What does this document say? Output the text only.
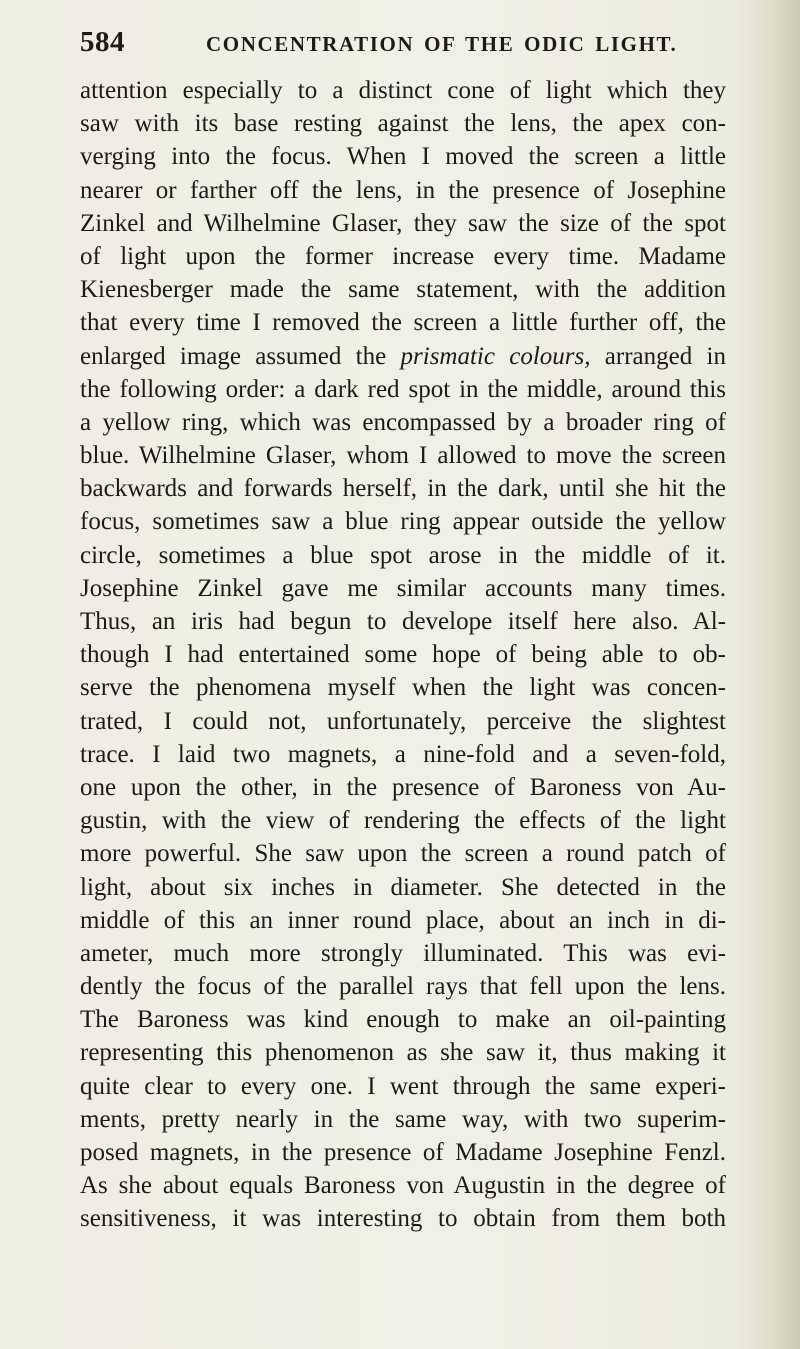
584	CONCENTRATION OF THE ODIC LIGHT.
attention especially to a distinct cone of light which they
saw with its base resting against the lens, the apex con-
verging into the focus. When I moved the screen a little
nearer or farther off the lens, in the presence of Josephine
Zinkel and Wilhelmine Glaser, they saw the size of the spot
of light upon the former increase every time. Madame
Kienesberger made the same statement, with the addition
that every time I removed the screen a little further off, the
enlarged image assumed the prismatic colours, arranged in
the following order: a dark red spot in the middle, around this
a yellow ring, which was encompassed by a broader ring of
blue. Wilhelmine Glaser, whom I allowed to move the screen
backwards and forwards herself, in the dark, until she hit the
focus, sometimes saw a blue ring appear outside the yellow
circle, sometimes a blue spot arose in the middle of it.
Josephine Zinkel gave me similar accounts many times.
Thus, an iris had begun to develope itself here also. Al-
though I had entertained some hope of being able to ob-
serve the phenomena myself when the light was concen-
trated, I could not, unfortunately, perceive the slightest
trace. I laid two magnets, a nine-fold and a seven-fold,
one upon the other, in the presence of Baroness von Au-
gustin, with the view of rendering the effects of the light
more powerful. She saw upon the screen a round patch of
light, about six inches in diameter. She detected in the
middle of this an inner round place, about an inch in di-
ameter, much more strongly illuminated. This was evi-
dently the focus of the parallel rays that fell upon the lens.
The Baroness was kind enough to make an oil-painting
representing this phenomenon as she saw it, thus making it
quite clear to every one. I went through the same experi-
ments, pretty nearly in the same way, with two superim-
posed magnets, in the presence of Madame Josephine Fenzl.
As she about equals Baroness von Augustin in the degree of
sensitiveness, it was interesting to obtain from them both
